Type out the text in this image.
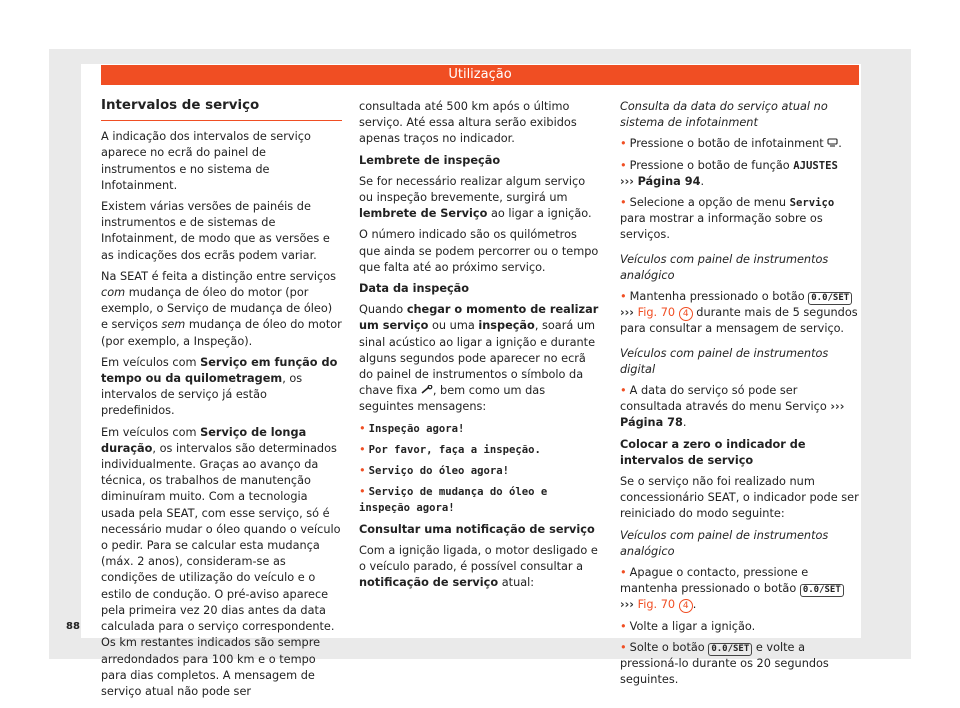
Utilização
Intervalos de serviço

A indicação dos intervalos de serviço aparece no ecrã do painel de instrumentos e no sistema de Infotainment.

Existem várias versões de painéis de instrumentos e de sistemas de Infotainment, de modo que as versões e as indicações dos ecrãs podem variar.

Na SEAT é feita a distinção entre serviços com mudança de óleo do motor (por exemplo, o Serviço de mudança de óleo) e serviços sem mudança de óleo do motor (por exemplo, a Inspeção).

Em veículos com Serviço em função do tempo ou da quilometragem, os intervalos de serviço já estão predefinidos.

Em veículos com Serviço de longa duração, os intervalos são determinados individualmente. Graças ao avanço da técnica, os trabalhos de manutenção diminuíram muito. Com a tecnologia usada pela SEAT, com esse serviço, só é necessário mudar o óleo quando o veículo o pedir. Para se calcular esta mudança (máx. 2 anos), consideram-se as condições de utilização do veículo e o estilo de condução. O pré-aviso aparece pela primeira vez 20 dias antes da data calculada para o serviço correspondente. Os km restantes indicados são sempre arredondados para 100 km e o tempo para dias completos. A mensagem de serviço atual não pode ser

consultada até 500 km após o último serviço. Até essa altura serão exibidos apenas traços no indicador.

Lembrete de inspeção

Se for necessário realizar algum serviço ou inspeção brevemente, surgirá um lembrete de Serviço ao ligar a ignição.

O número indicado são os quilómetros que ainda se podem percorrer ou o tempo que falta até ao próximo serviço.

Data da inspeção

Quando chegar o momento de realizar um serviço ou uma inspeção, soará um sinal acústico ao ligar a ignição e durante alguns segundos pode aparecer no ecrã do painel de instrumentos o símbolo da chave fixa , bem como um das seguintes mensagens:

• Inspeção agora!

• Por favor, faça a inspeção.

• Serviço do óleo agora!

• Serviço de mudança do óleo e inspeção agora!

Consultar uma notificação de serviço

Com a ignição ligada, o motor desligado e o veículo parado, é possível consultar a notificação de serviço atual:

Consulta da data do serviço atual no sistema de infotainment

• Pressione o botão de infotainment .

• Pressione o botão de função AJUSTES
››› Página 94.

• Selecione a opção de menu Serviço para mostrar a informação sobre os serviços.

Veículos com painel de instrumentos analógico

• Mantenha pressionado o botão 0.0/SET
››› Fig. 70 4 durante mais de 5 segundos para consultar a mensagem de serviço.

Veículos com painel de instrumentos digital

• A data do serviço só pode ser consultada através do menu Serviço ››› Página 78.

Colocar a zero o indicador de intervalos de serviço

Se o serviço não foi realizado num concessionário SEAT, o indicador pode ser reiniciado do modo seguinte:

Veículos com painel de instrumentos analógico

• Apague o contacto, pressione e mantenha pressionado o botão 0.0/SET ››› Fig. 70 4 .

• Volte a ligar a ignição.

• Solte o botão 0.0/SET e volte a pressioná-lo durante os 20 segundos seguintes.

88
